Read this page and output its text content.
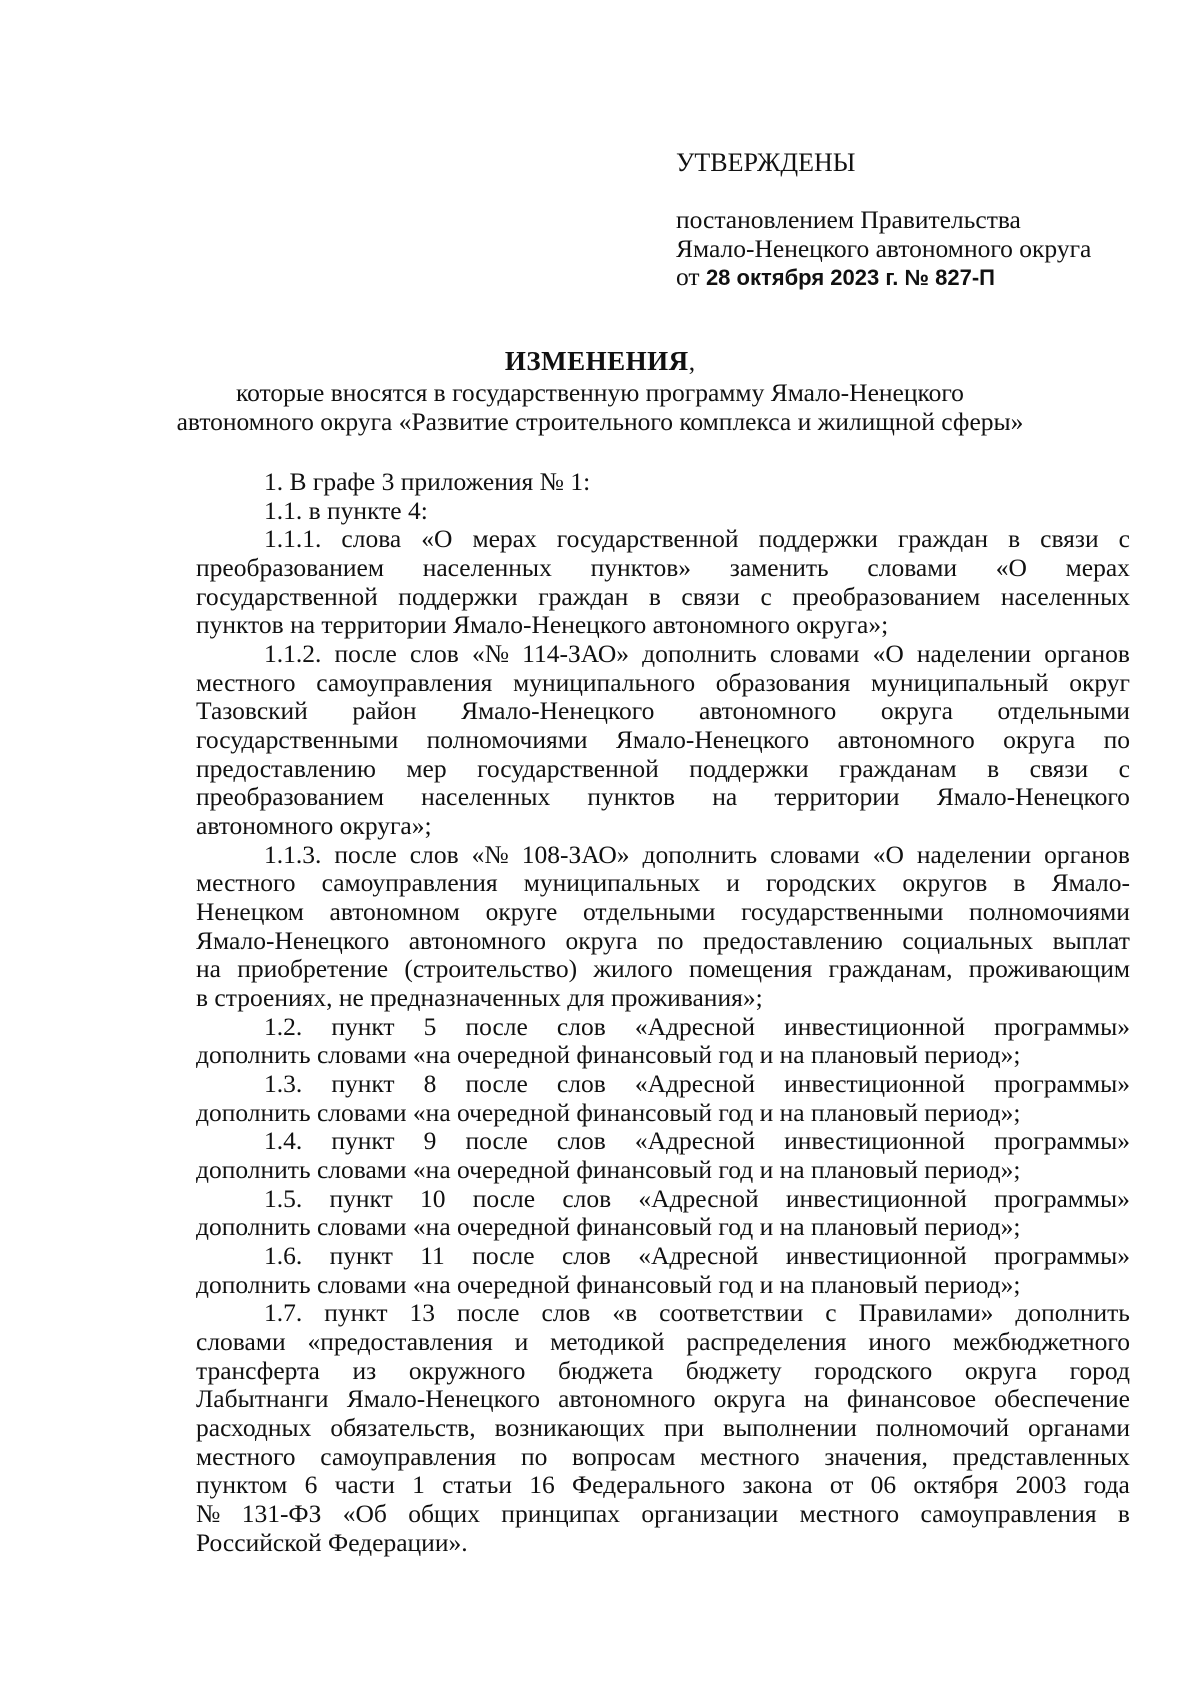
УТВЕРЖДЕНЫ
постановлением Правительства
Ямало-Ненецкого автономного округа
от 28 октября 2023 г. № 827-П
ИЗМЕНЕНИЯ,
которые вносятся в государственную программу Ямало-Ненецкого
автономного округа «Развитие строительного комплекса и жилищной сферы»
1. В графе 3 приложения № 1:
1.1. в пункте 4:
1.1.1. слова «О мерах государственной поддержки граждан в связи с
преобразованием населенных пунктов» заменить словами «О мерах
государственной поддержки граждан в связи с преобразованием населенных
пунктов на территории Ямало-Ненецкого автономного округа»;
1.1.2. после слов «№ 114-ЗАО» дополнить словами «О наделении органов
местного самоуправления муниципального образования муниципальный округ
Тазовский район Ямало-Ненецкого автономного округа отдельными
государственными полномочиями Ямало-Ненецкого автономного округа по
предоставлению мер государственной поддержки гражданам в связи с
преобразованием населенных пунктов на территории Ямало-Ненецкого
автономного округа»;
1.1.3. после слов «№ 108-ЗАО» дополнить словами «О наделении органов
местного самоуправления муниципальных и городских округов в Ямало-
Ненецком автономном округе отдельными государственными полномочиями
Ямало-Ненецкого автономного округа по предоставлению социальных выплат
на приобретение (строительство) жилого помещения гражданам, проживающим
в строениях, не предназначенных для проживания»;
1.2. пункт 5 после слов «Адресной инвестиционной программы»
дополнить словами «на очередной финансовый год и на плановый период»;
1.3. пункт 8 после слов «Адресной инвестиционной программы»
дополнить словами «на очередной финансовый год и на плановый период»;
1.4. пункт 9 после слов «Адресной инвестиционной программы»
дополнить словами «на очередной финансовый год и на плановый период»;
1.5. пункт 10 после слов «Адресной инвестиционной программы»
дополнить словами «на очередной финансовый год и на плановый период»;
1.6. пункт 11 после слов «Адресной инвестиционной программы»
дополнить словами «на очередной финансовый год и на плановый период»;
1.7. пункт 13 после слов «в соответствии с Правилами» дополнить
словами «предоставления и методикой распределения иного межбюджетного
трансферта из окружного бюджета бюджету городского округа город
Лабытнанги Ямало-Ненецкого автономного округа на финансовое обеспечение
расходных обязательств, возникающих при выполнении полномочий органами
местного самоуправления по вопросам местного значения, представленных
пунктом 6 части 1 статьи 16 Федерального закона от 06 октября 2003 года
№ 131-ФЗ «Об общих принципах организации местного самоуправления в
Российской Федерации».
